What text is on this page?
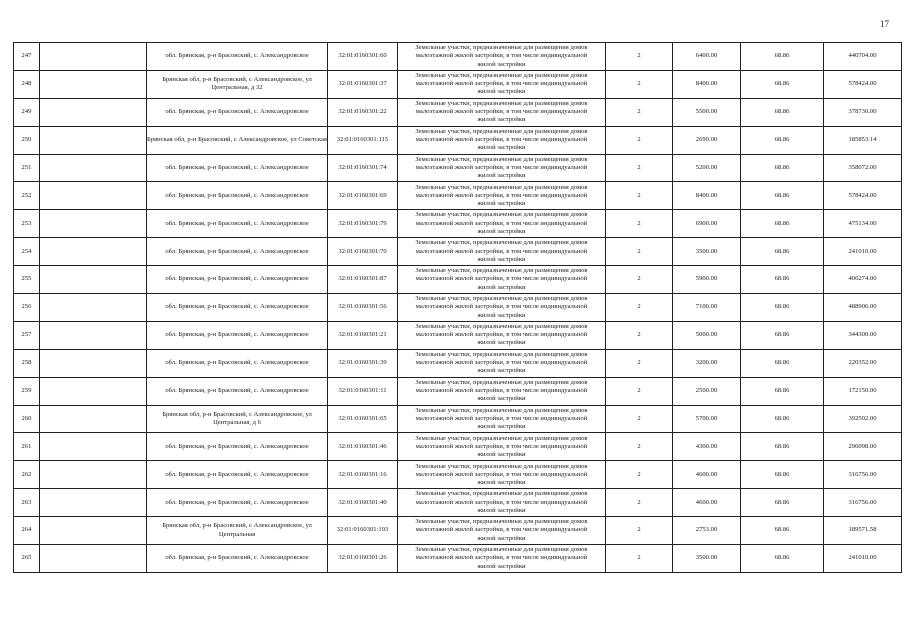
17
247		обл. Брянская, р-н Брасовский, с. Александровское	32:01:0160301:60	Земельные участки, предназначенные для размещения домов
малоэтажной жилой застройки, в том числе индивидуальной
жилой застройки	2	6400.00	68.86	440704.00
248		Брянская обл, р-н Брасовский, с Александровское, ул Центральная, д 32	32:01:0160301:37	Земельные участки, предназначенные для размещения домов
малоэтажной жилой застройки, в том числе индивидуальной
жилой застройки	2	8400.00	68.86	578424.00
249		обл. Брянская, р-н Брасовский, с. Александровское	32:01:0160301:22	Земельные участки, предназначенные для размещения домов
малоэтажной жилой застройки, в том числе индивидуальной
жилой застройки	2	5500.00	68.86	378730.00
250		Брянская обл, р-н Брасовский, с Александровское, ул Советская	32:01:0160301:115	Земельные участки, предназначенные для размещения домов
малоэтажной жилой застройки, в том числе индивидуальной
жилой застройки	2	2699.00	68.86	185853.14
251		обл. Брянская, р-н Брасовский, с. Александровское	32:01:0160301:74	Земельные участки, предназначенные для размещения домов
малоэтажной жилой застройки, в том числе индивидуальной
жилой застройки	2	5200.00	68.86	358072.00
252		обл. Брянская, р-н Брасовский, с. Александровское	32:01:0160301:69	Земельные участки, предназначенные для размещения домов
малоэтажной жилой застройки, в том числе индивидуальной
жилой застройки	2	8400.00	68.86	578424.00
253		обл. Брянская, р-н Брасовский, с. Александровское	32:01:0160301:79	Земельные участки, предназначенные для размещения домов
малоэтажной жилой застройки, в том числе индивидуальной
жилой застройки	2	6900.00	68.86	475134.00
254		обл. Брянская, р-н Брасовский, с. Александровское	32:01:0160301:70	Земельные участки, предназначенные для размещения домов
малоэтажной жилой застройки, в том числе индивидуальной
жилой застройки	2	3500.00	68.86	241010.00
255		обл. Брянская, р-н Брасовский, с. Александровское	32:01:0160301:87	Земельные участки, предназначенные для размещения домов
малоэтажной жилой застройки, в том числе индивидуальной
жилой застройки	2	5900.00	68.86	406274.00
256		обл. Брянская, р-н Брасовский, с. Александровское	32:01:0160301:56	Земельные участки, предназначенные для размещения домов
малоэтажной жилой застройки, в том числе индивидуальной
жилой застройки	2	7100.00	68.86	488906.00
257		обл. Брянская, р-н Брасовский, с. Александровское	32:01:0160301:21	Земельные участки, предназначенные для размещения домов
малоэтажной жилой застройки, в том числе индивидуальной
жилой застройки	2	5000.00	68.86	344300.00
258		обл. Брянская, р-н Брасовский, с. Александровское	32:01:0160301:39	Земельные участки, предназначенные для размещения домов
малоэтажной жилой застройки, в том числе индивидуальной
жилой застройки	2	3200.00	68.86	220352.00
259		обл. Брянская, р-н Брасовский, с. Александровское	32:01:0160301:11	Земельные участки, предназначенные для размещения домов
малоэтажной жилой застройки, в том числе индивидуальной
жилой застройки	2	2500.00	68.86	172150.00
260		Брянская обл, р-н Брасовский, с Александровское, ул Центральная, д 6	32:01:0160301:65	Земельные участки, предназначенные для размещения домов
малоэтажной жилой застройки, в том числе индивидуальной
жилой застройки	2	5700.00	68.86	392502.00
261		обл. Брянская, р-н Брасовский, с. Александровское	32:01:0160301:46	Земельные участки, предназначенные для размещения домов
малоэтажной жилой застройки, в том числе индивидуальной
жилой застройки	2	4300.00	68.86	296098.00
262		обл. Брянская, р-н Брасовский, с. Александровское	32:01:0160301:16	Земельные участки, предназначенные для размещения домов
малоэтажной жилой застройки, в том числе индивидуальной
жилой застройки	2	4600.00	68.86	316756.00
263		обл. Брянская, р-н Брасовский, с. Александровское	32:01:0160301:40	Земельные участки, предназначенные для размещения домов
малоэтажной жилой застройки, в том числе индивидуальной
жилой застройки	2	4600.00	68.86	316756.00
264		Брянская обл, р-н Брасовский, с Александровское, ул Центральная	32:01:0160301:193	Земельные участки, предназначенные для размещения домов
малоэтажной жилой застройки, в том числе индивидуальной
жилой застройки	2	2753.00	68.86	189571.58
265		обл. Брянская, р-н Брасовский, с. Александровское	32:01:0160301:26	Земельные участки, предназначенные для размещения домов
малоэтажной жилой застройки, в том числе индивидуальной
жилой застройки	2	3500.00	68.86	241010.00
